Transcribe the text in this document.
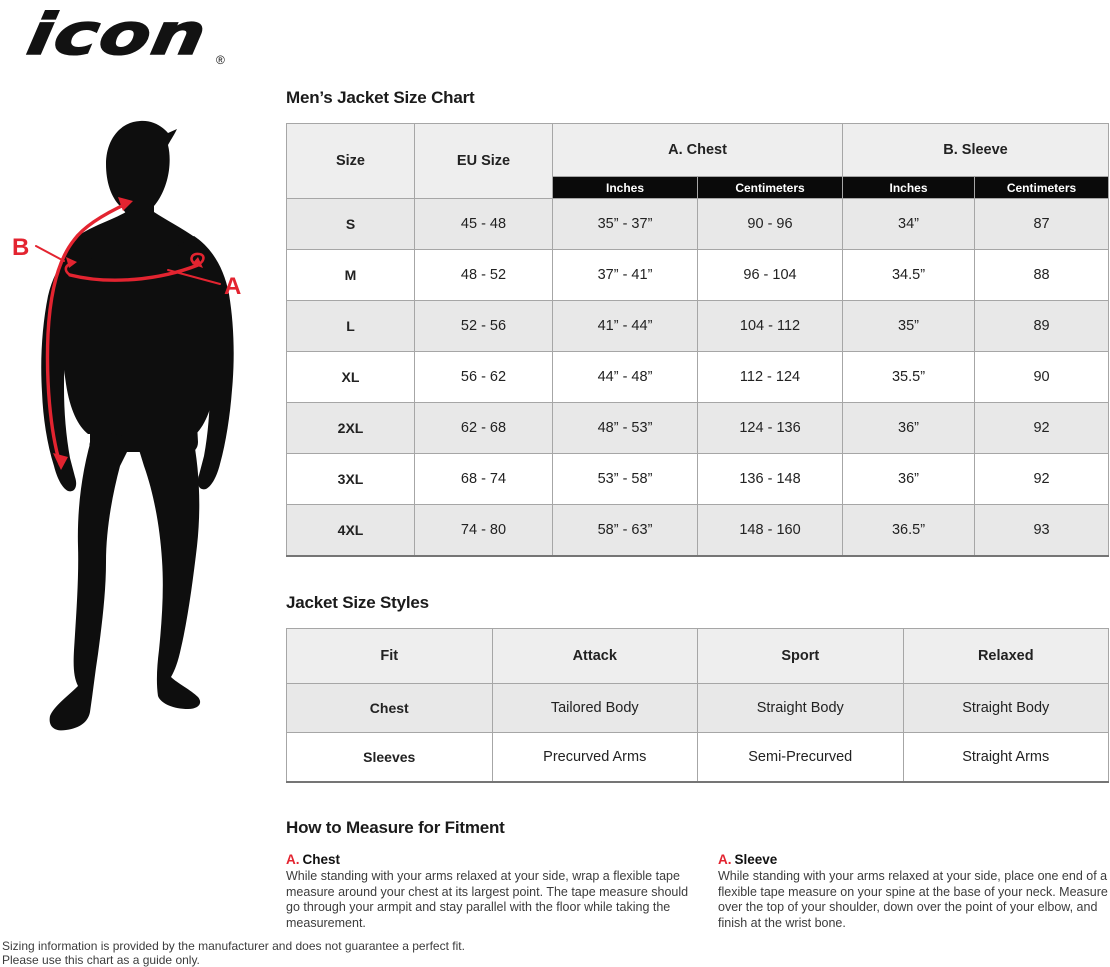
icon	®
B
A
Men’s Jacket Size Chart
Size	EU Size	A. Chest		B. Sleeve	
		Inches	Centimeters	Inches	Centimeters
S	45 - 48	35” - 37”	90 - 96	34”	87
M	48 - 52	37” - 41”	96 - 104	34.5”	88
L	52 - 56	41” - 44”	104 - 112	35”	89
XL	56 - 62	44” - 48”	112 - 124	35.5”	90
2XL	62 - 68	48” - 53”	124 - 136	36”	92
3XL	68 - 74	53” - 58”	136 - 148	36”	92
4XL	74 - 80	58” - 63”	148 - 160	36.5”	93
Jacket Size Styles
Fit	Attack	Sport	Relaxed
Chest	Tailored Body	Straight Body	Straight Body
Sleeves	Precurved Arms	Semi-Precurved	Straight Arms
How to Measure for Fitment
A. Chest
While standing with your arms relaxed at your side, wrap a flexible tape measure around your chest at its largest point. The tape measure should go through your armpit and stay parallel with the floor while taking the measurement.
A. Sleeve
While standing with your arms relaxed at your side, place one end of a flexible tape measure on your spine at the base of your neck. Measure over the top of your shoulder, down over the point of your elbow, and finish at the wrist bone.
Sizing information is provided by the manufacturer and does not guarantee a perfect fit.
Please use this chart as a guide only.
